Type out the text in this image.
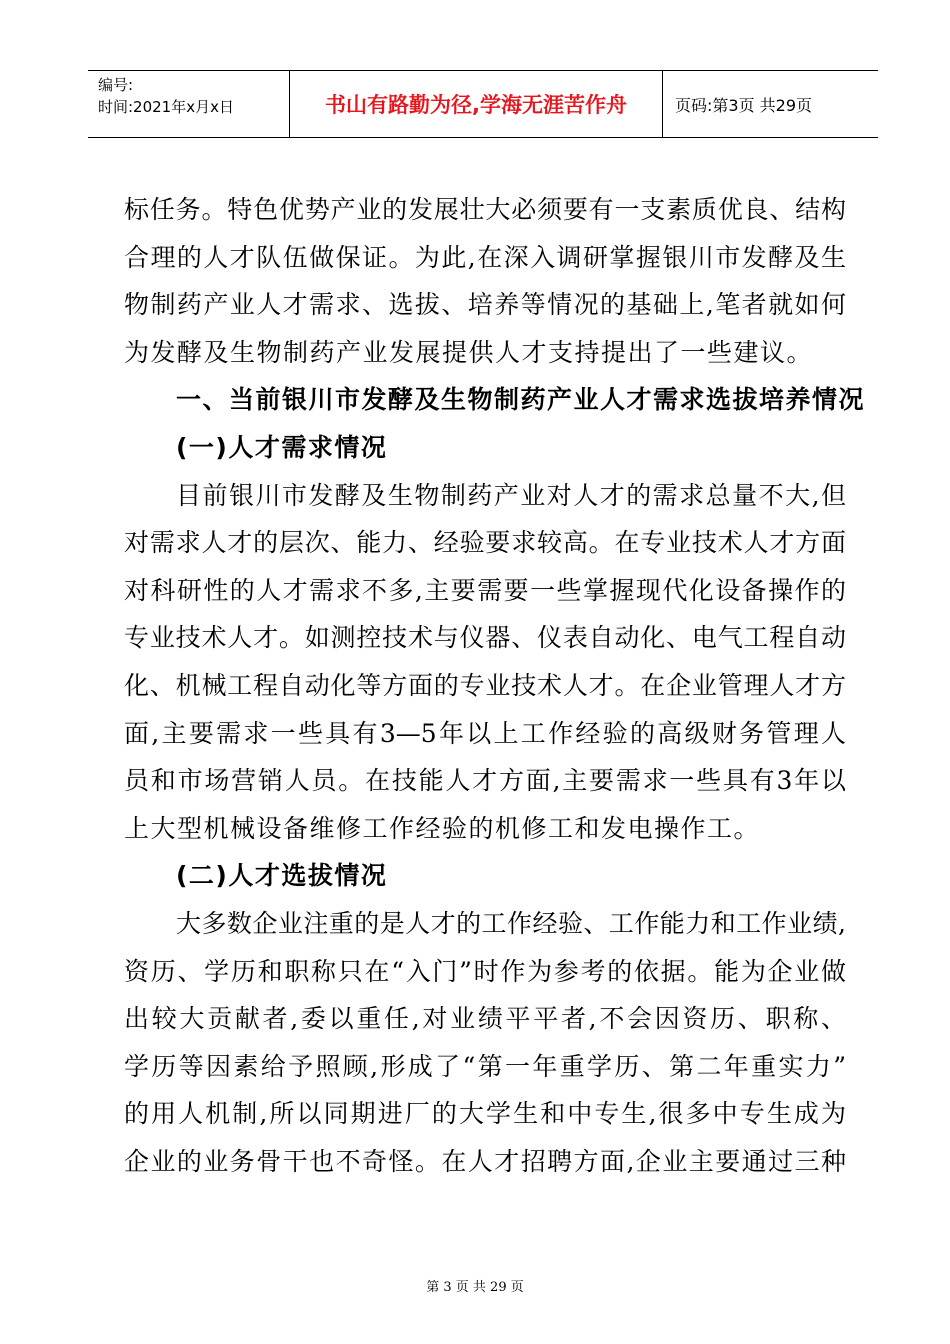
编号:
时间:2021年x月x日	书山有路勤为径,学海无涯苦作舟	页码:第3页 共29页
标任务。特色优势产业的发展壮大必须要有一支素质优良、结构
合理的人才队伍做保证。为此,在深入调研掌握银川市发酵及生
物制药产业人才需求、选拔、培养等情况的基础上,笔者就如何
为发酵及生物制药产业发展提供人才支持提出了一些建议。
一、当前银川市发酵及生物制药产业人才需求选拔培养情况
(一)人才需求情况
目前银川市发酵及生物制药产业对人才的需求总量不大,但
对需求人才的层次、能力、经验要求较高。在专业技术人才方面
对科研性的人才需求不多,主要需要一些掌握现代化设备操作的
专业技术人才。如测控技术与仪器、仪表自动化、电气工程自动
化、机械工程自动化等方面的专业技术人才。在企业管理人才方
面,主要需求一些具有3—5年以上工作经验的高级财务管理人
员和市场营销人员。在技能人才方面,主要需求一些具有3年以
上大型机械设备维修工作经验的机修工和发电操作工。
(二)人才选拔情况
大多数企业注重的是人才的工作经验、工作能力和工作业绩,
资历、学历和职称只在“入门”时作为参考的依据。能为企业做
出较大贡献者,委以重任,对业绩平平者,不会因资历、职称、
学历等因素给予照顾,形成了“第一年重学历、第二年重实力”
的用人机制,所以同期进厂的大学生和中专生,很多中专生成为
企业的业务骨干也不奇怪。在人才招聘方面,企业主要通过三种
第 3 页 共 29 页
